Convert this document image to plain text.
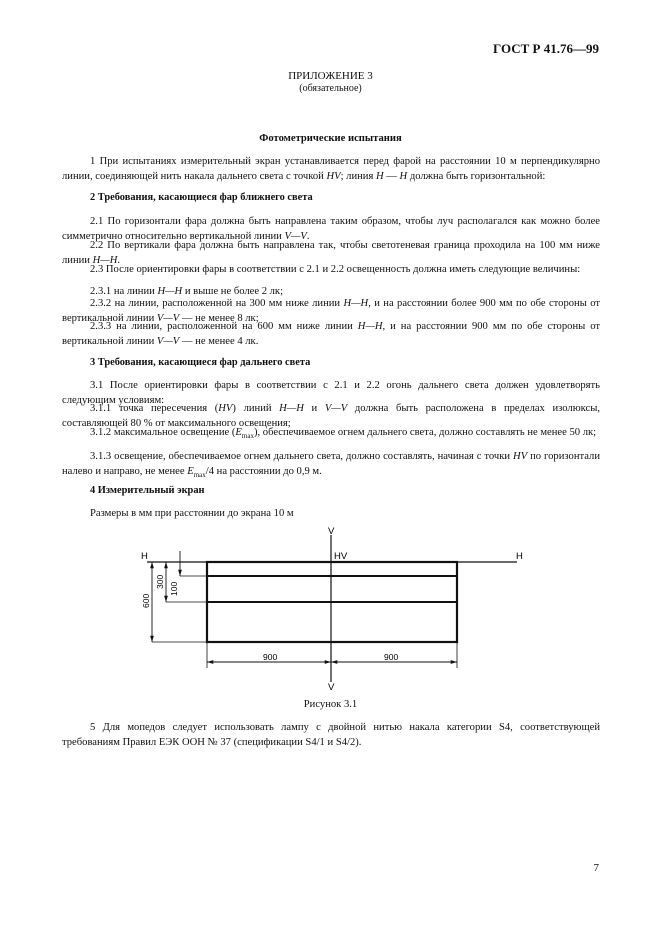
ГОСТ Р 41.76—99
ПРИЛОЖЕНИЕ 3
(обязательное)
Фотометрические испытания
1 При испытаниях измерительный экран устанавливается перед фарой на расстоянии 10 м перпендикулярно линии, соединяющей нить накала дальнего света с точкой HV; линия H — H должна быть горизонтальной:
2 Требования, касающиеся фар ближнего света
2.1 По горизонтали фара должна быть направлена таким образом, чтобы луч располагался как можно более симметрично относительно вертикальной линии V—V.
2.2 По вертикали фара должна быть направлена так, чтобы светотеневая граница проходила на 100 мм ниже линии H—H.
2.3 После ориентировки фары в соответствии с 2.1 и 2.2 освещенность должна иметь следующие величины:
2.3.1 на линии H—H и выше не более 2 лк;
2.3.2 на линии, расположенной на 300 мм ниже линии H—H, и на расстоянии более 900 мм по обе стороны от вертикальной линии V—V — не менее 8 лк;
2.3.3 на линии, расположенной на 600 мм ниже линии H—H, и на расстоянии 900 мм по обе стороны от вертикальной линии V—V — не менее 4 лк.
3 Требования, касающиеся фар дальнего света
3.1 После ориентировки фары в соответствии с 2.1 и 2.2 огонь дальнего света должен удовлетворять следующим условиям:
3.1.1 точка пересечения (HV) линий H—H и V—V должна быть расположена в пределах изолюксы, составляющей 80 % от максимального освещения;
3.1.2 максимальное освещение $(E_{max})$, обеспечиваемое огнем дальнего света, должно составлять не менее 50 лк;
3.1.3 освещение, обеспечиваемое огнем дальнего света, должно составлять, начиная с точки HV по горизонтали налево и направо, не менее $E_{max}/4$ на расстоянии до 0,9 м.
4 Измерительный экран
Размеры в мм при расстоянии до экрана 10 м
H	H
HV
V
V
600
300 100
900	900
Рисунок 3.1
5 Для мопедов следует использовать лампу с двойной нитью накала категории S4, соответствующей требованиям Правил ЕЭК ООН № 37 (спецификации S4/1 и S4/2).
7
